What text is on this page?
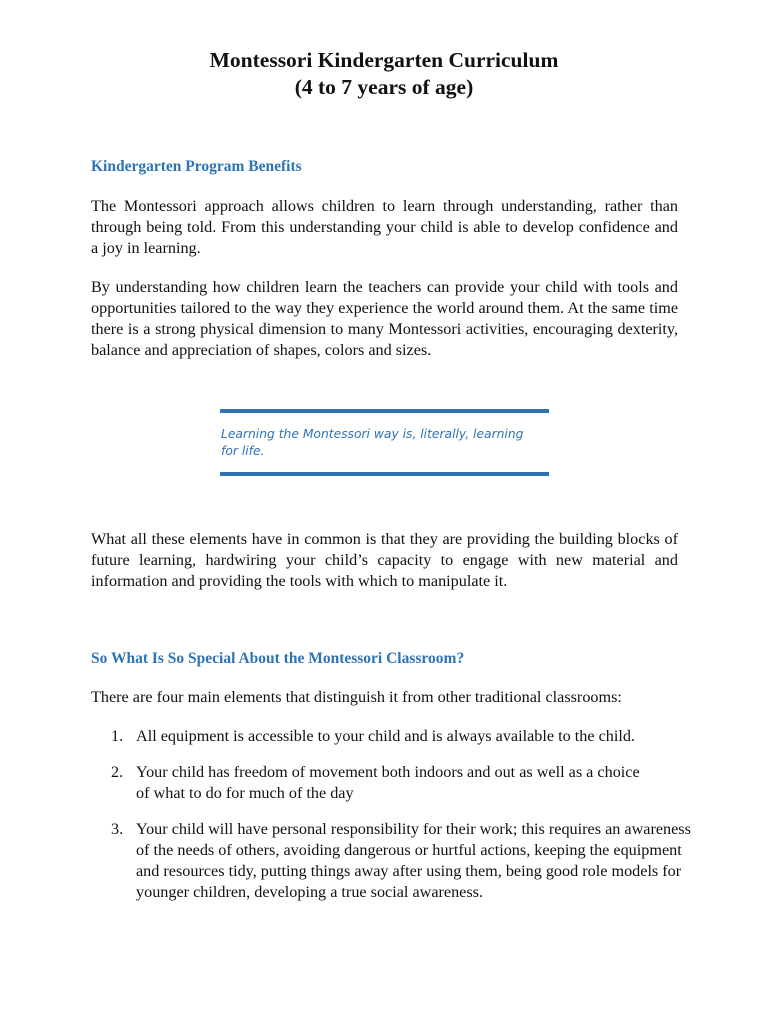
Montessori Kindergarten Curriculum
(4 to 7 years of age)
Kindergarten Program Benefits

The Montessori approach allows children to learn through understanding, rather than through being told. From this understanding your child is able to develop confidence and a joy in learning.

By understanding how children learn the teachers can provide your child with tools and opportunities tailored to the way they experience the world around them. At the same time there is a strong physical dimension to many Montessori activities, encouraging dexterity, balance and appreciation of shapes, colors and sizes.

Learning the Montessori way is, literally, learning for life.

What all these elements have in common is that they are providing the building blocks of future learning, hardwiring your child’s capacity to engage with new material and information and providing the tools with which to manipulate it.

So What Is So Special About the Montessori Classroom?

There are four main elements that distinguish it from other traditional classrooms:

1. All equipment is accessible to your child and is always available to the child.
2. Your child has freedom of movement both indoors and out as well as a choice of what to do for much of the day
3. Your child will have personal responsibility for their work; this requires an awareness of the needs of others, avoiding dangerous or hurtful actions, keeping the equipment and resources tidy, putting things away after using them, being good role models for younger children, developing a true social awareness.
